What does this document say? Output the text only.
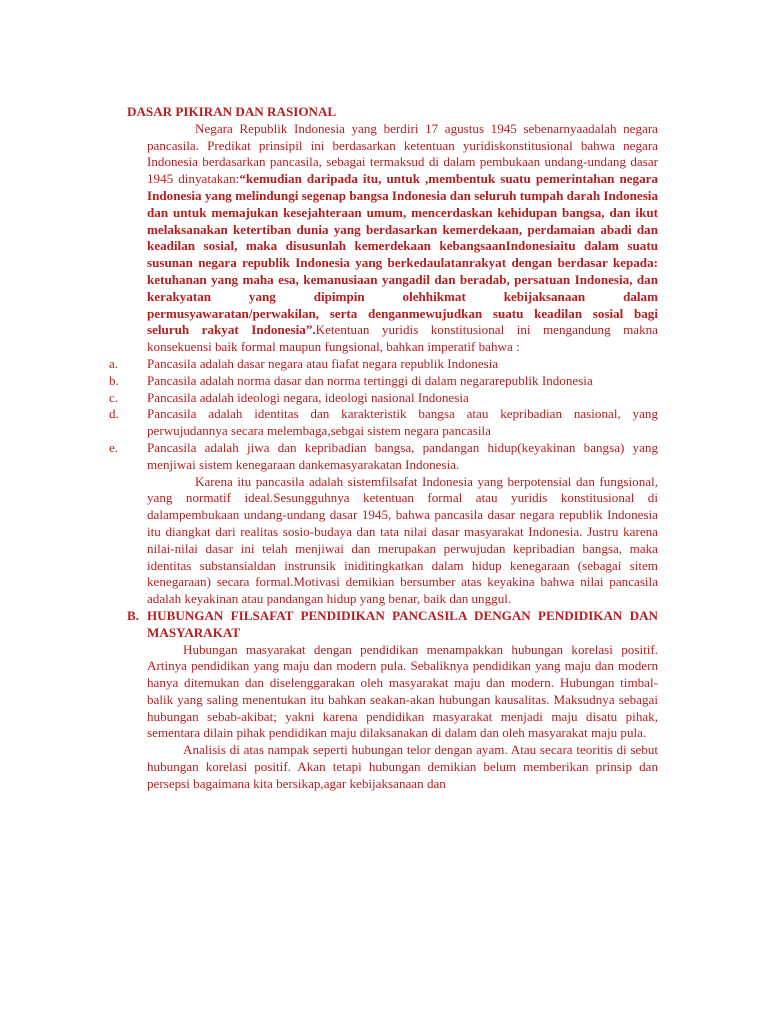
DASAR PIKIRAN DAN RASIONAL

Negara Republik Indonesia yang berdiri 17 agustus 1945 sebenarnyaadalah negara pancasila. Predikat prinsipil ini berdasarkan ketentuan yuridiskonstitusional bahwa negara Indonesia berdasarkan pancasila, sebagai termaksud di dalam pembukaan undang-undang dasar 1945 dinyatakan:“kemudian daripada itu, untuk ,membentuk suatu pemerintahan negara Indonesia yang melindungi segenap bangsa Indonesia dan seluruh tumpah darah Indonesia dan untuk memajukan kesejahteraan umum, mencerdaskan kehidupan bangsa, dan ikut melaksanakan ketertiban dunia yang berdasarkan kemerdekaan, perdamaian abadi dan keadilan sosial, maka disusunlah kemerdekaan kebangsaanIndonesiaitu dalam suatu susunan negara republik Indonesia yang berkedaulatanrakyat dengan berdasar kepada: ketuhanan yang maha esa, kemanusiaan yangadil dan beradab, persatuan Indonesia, dan kerakyatan yang dipimpin olehhikmat kebijaksanaan dalam permusyawaratan/perwakilan, serta denganmewujudkan suatu keadilan sosial bagi seluruh rakyat Indonesia”.Ketentuan yuridis konstitusional ini mengandung makna konsekuensi baik formal maupun fungsional, bahkan imperatif bahwa :

a.	Pancasila adalah dasar negara atau fiafat negara republik Indonesia
b.	Pancasila adalah norma dasar dan norma tertinggi di dalam negararepublik Indonesia
c.	Pancasila adalah ideologi negara, ideologi nasional Indonesia
d.	Pancasila adalah identitas dan karakteristik bangsa atau kepribadian nasional, yang perwujudannya secara melembaga,sebgai sistem negara pancasila
e.	Pancasila adalah jiwa dan kepribadian bangsa, pandangan hidup(keyakinan bangsa) yang menjiwai sistem kenegaraan dankemasyarakatan Indonesia.

Karena itu pancasila adalah sistemfilsafat Indonesia yang berpotensial dan fungsional, yang normatif ideal.Sesungguhnya ketentuan formal atau yuridis konstitusional di dalampembukaan undang-undang dasar 1945, bahwa pancasila dasar negara republik Indonesia itu diangkat dari realitas sosio-budaya dan tata nilai dasar masyarakat Indonesia. Justru karena nilai-nilai dasar ini telah menjiwai dan merupakan perwujudan kepribadian bangsa, maka identitas substansialdan instrunsik iniditingkatkan dalam hidup kenegaraan (sebagai sitem kenegaraan) secara formal.Motivasi demikian bersumber atas keyakina bahwa nilai pancasila adalah keyakinan atau pandangan hidup yang benar, baik dan unggul.

B. HUBUNGAN FILSAFAT PENDIDIKAN PANCASILA DENGAN PENDIDIKAN DAN MASYARAKAT

Hubungan masyarakat dengan pendidikan menampakkan hubungan korelasi positif. Artinya pendidikan yang maju dan modern pula. Sebaliknya pendidikan yang maju dan modern hanya ditemukan dan diselenggarakan oleh masyarakat maju dan modern. Hubungan timbal-balik yang saling menentukan itu bahkan seakan-akan hubungan kausalitas. Maksudnya sebagai hubungan sebab-akibat; yakni karena pendidikan masyarakat menjadi maju disatu pihak, sementara dilain pihak pendidikan maju dilaksanakan di dalam dan oleh masyarakat maju pula.

Analisis di atas nampak seperti hubungan telor dengan ayam. Atau secara teoritis di sebut hubungan korelasi positif. Akan tetapi hubungan demikian belum memberikan prinsip dan persepsi bagaimana kita bersikap,agar kebijaksanaan dan
